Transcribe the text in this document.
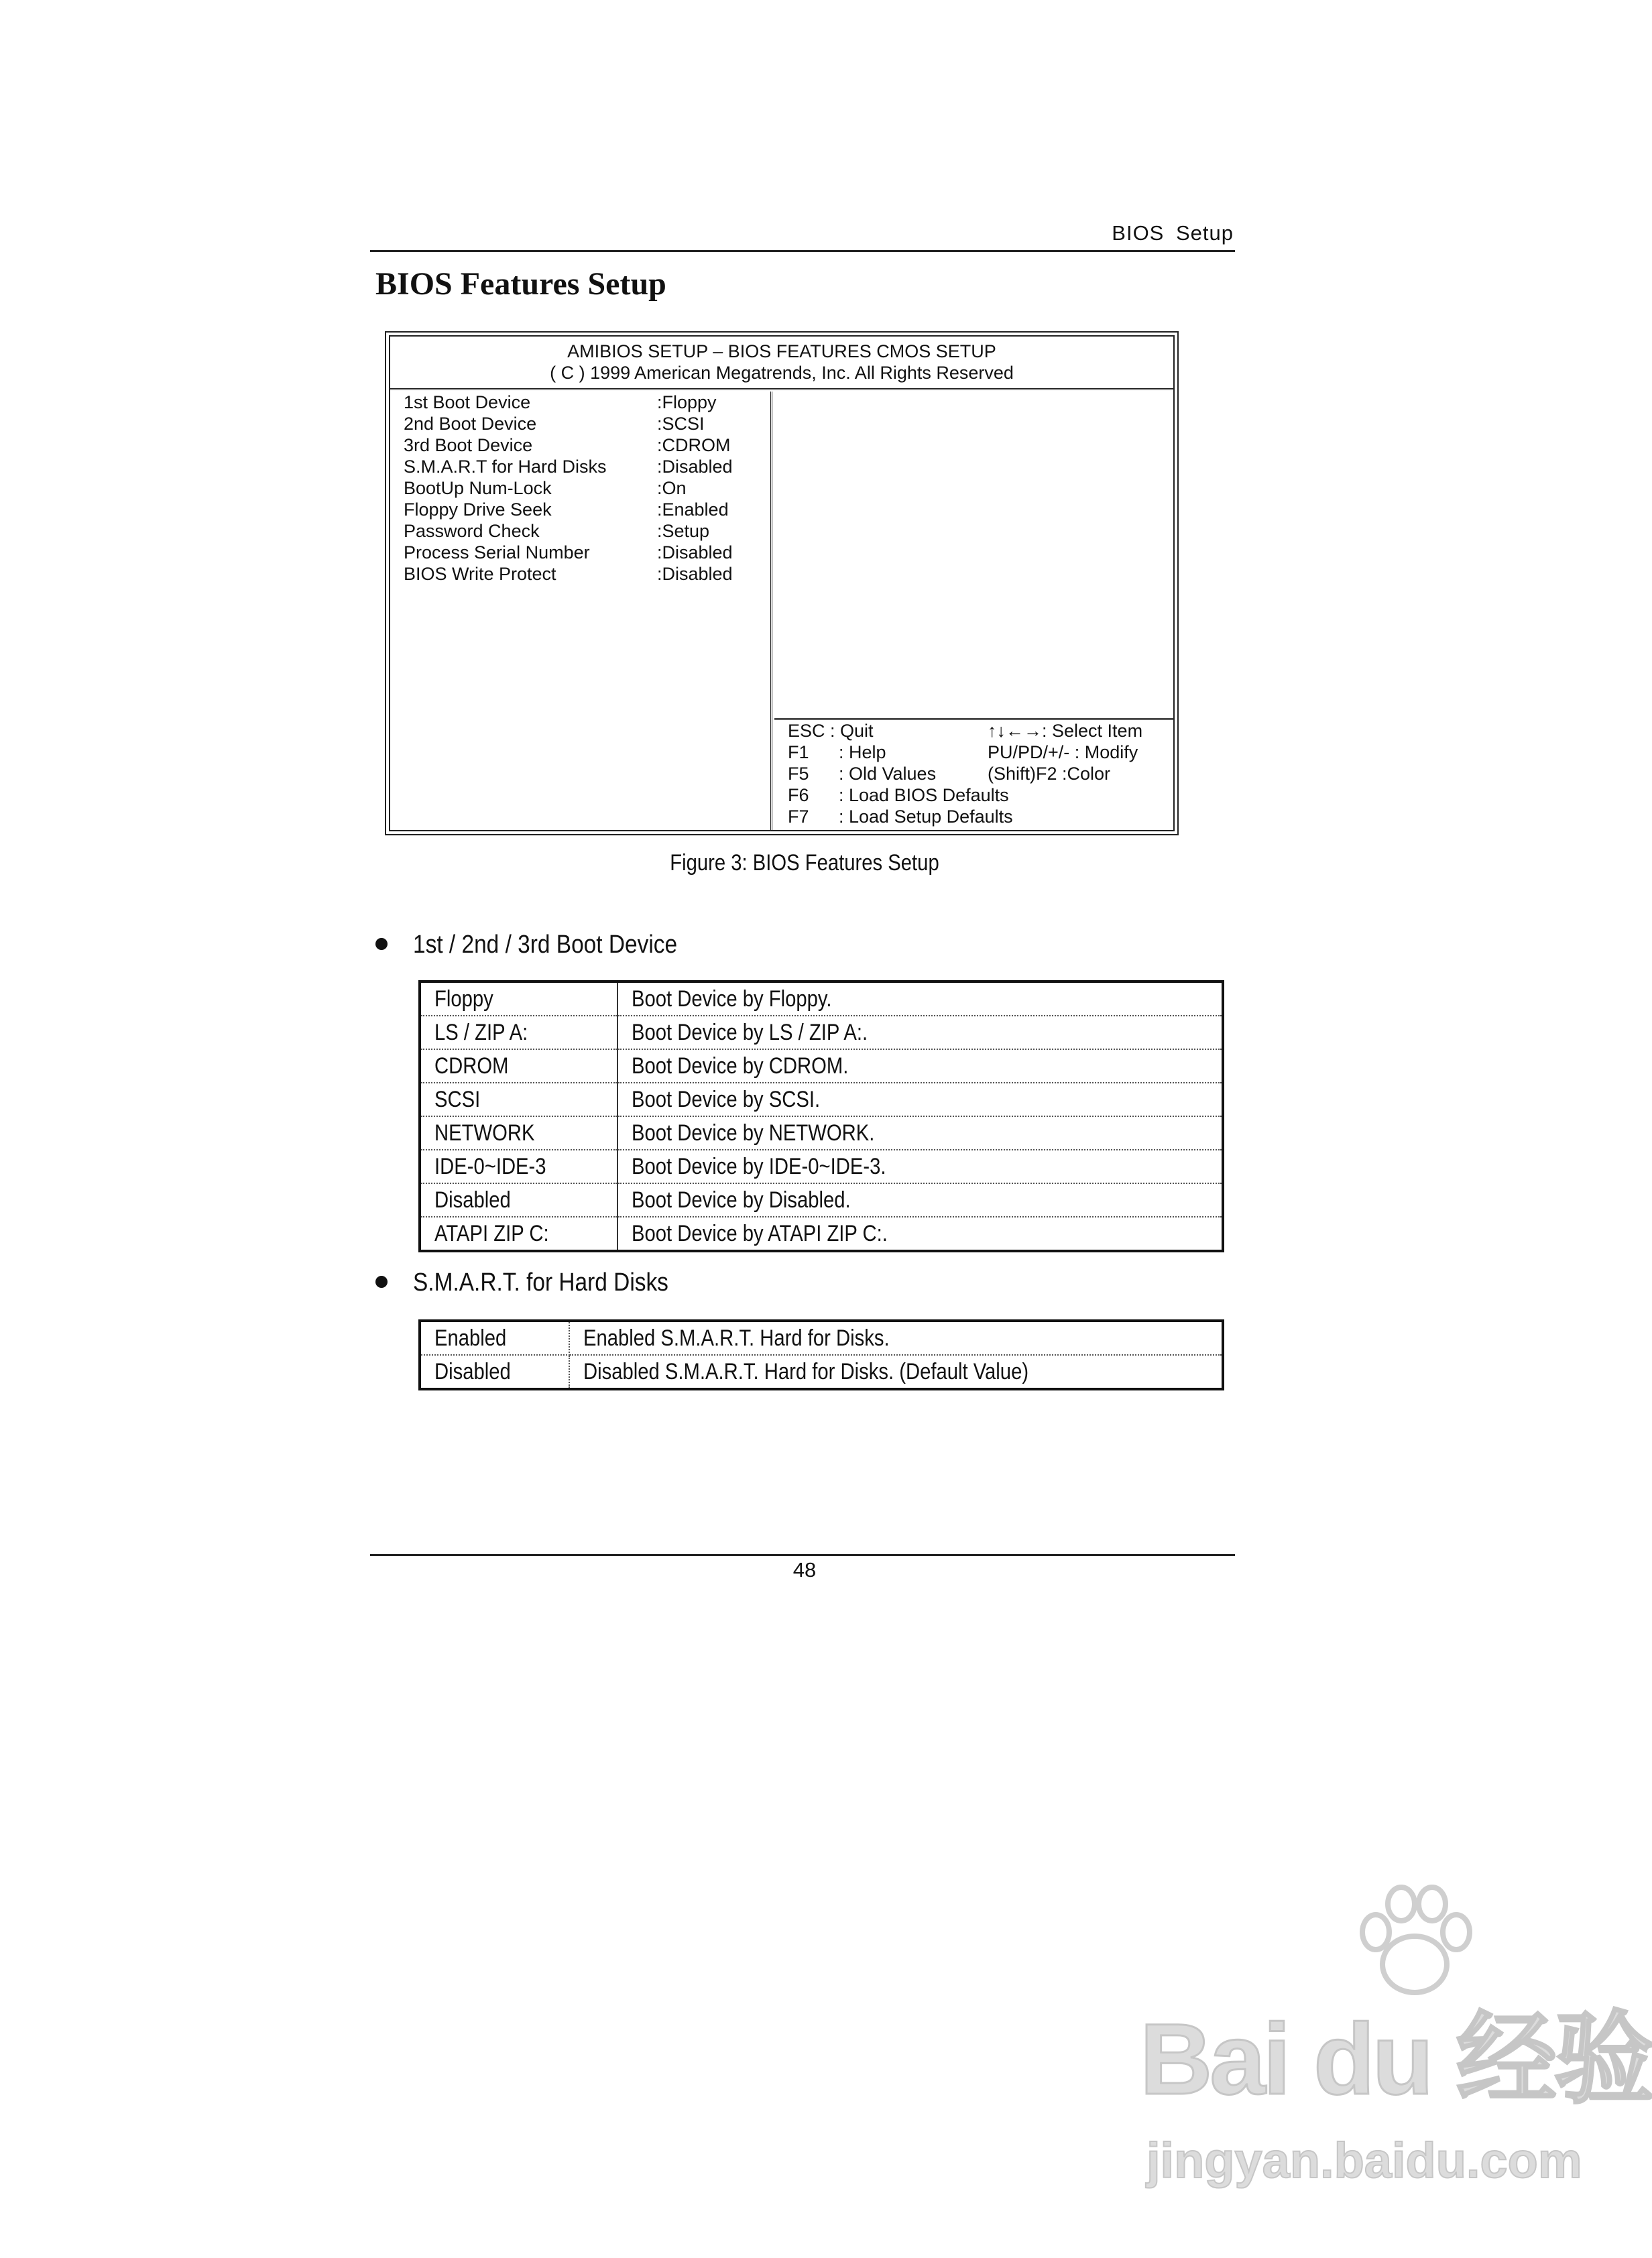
BIOS Setup
BIOS Features Setup
AMIBIOS SETUP – BIOS FEATURES CMOS SETUP
( C ) 1999 American Megatrends, Inc. All Rights Reserved
1st Boot Device	:Floppy
2nd Boot Device	:SCSI
3rd Boot Device	:CDROM
S.M.A.R.T for Hard Disks	:Disabled
BootUp Num-Lock	:On
Floppy Drive Seek	:Enabled
Password Check	:Setup
Process Serial Number	:Disabled
BIOS Write Protect	:Disabled
ESC : Quit	↑↓←→: Select Item
F1	: Help	PU/PD/+/- : Modify
F5	: Old Values	(Shift)F2 :Color
F6	: Load BIOS Defaults
F7	: Load Setup Defaults
Figure 3: BIOS Features Setup
1st / 2nd / 3rd Boot Device
Floppy	Boot Device by Floppy.
LS / ZIP A:	Boot Device by LS / ZIP A:.
CDROM	Boot Device by CDROM.
SCSI	Boot Device by SCSI.
NETWORK	Boot Device by NETWORK.
IDE-0~IDE-3	Boot Device by IDE-0~IDE-3.
Disabled	Boot Device by Disabled.
ATAPI ZIP C:	Boot Device by ATAPI ZIP C:.
S.M.A.R.T. for Hard Disks
Enabled	Enabled S.M.A.R.T. Hard for Disks.
Disabled	Disabled S.M.A.R.T. Hard for Disks. (Default Value)
48
Bai du 经验
jingyan.baidu.com
